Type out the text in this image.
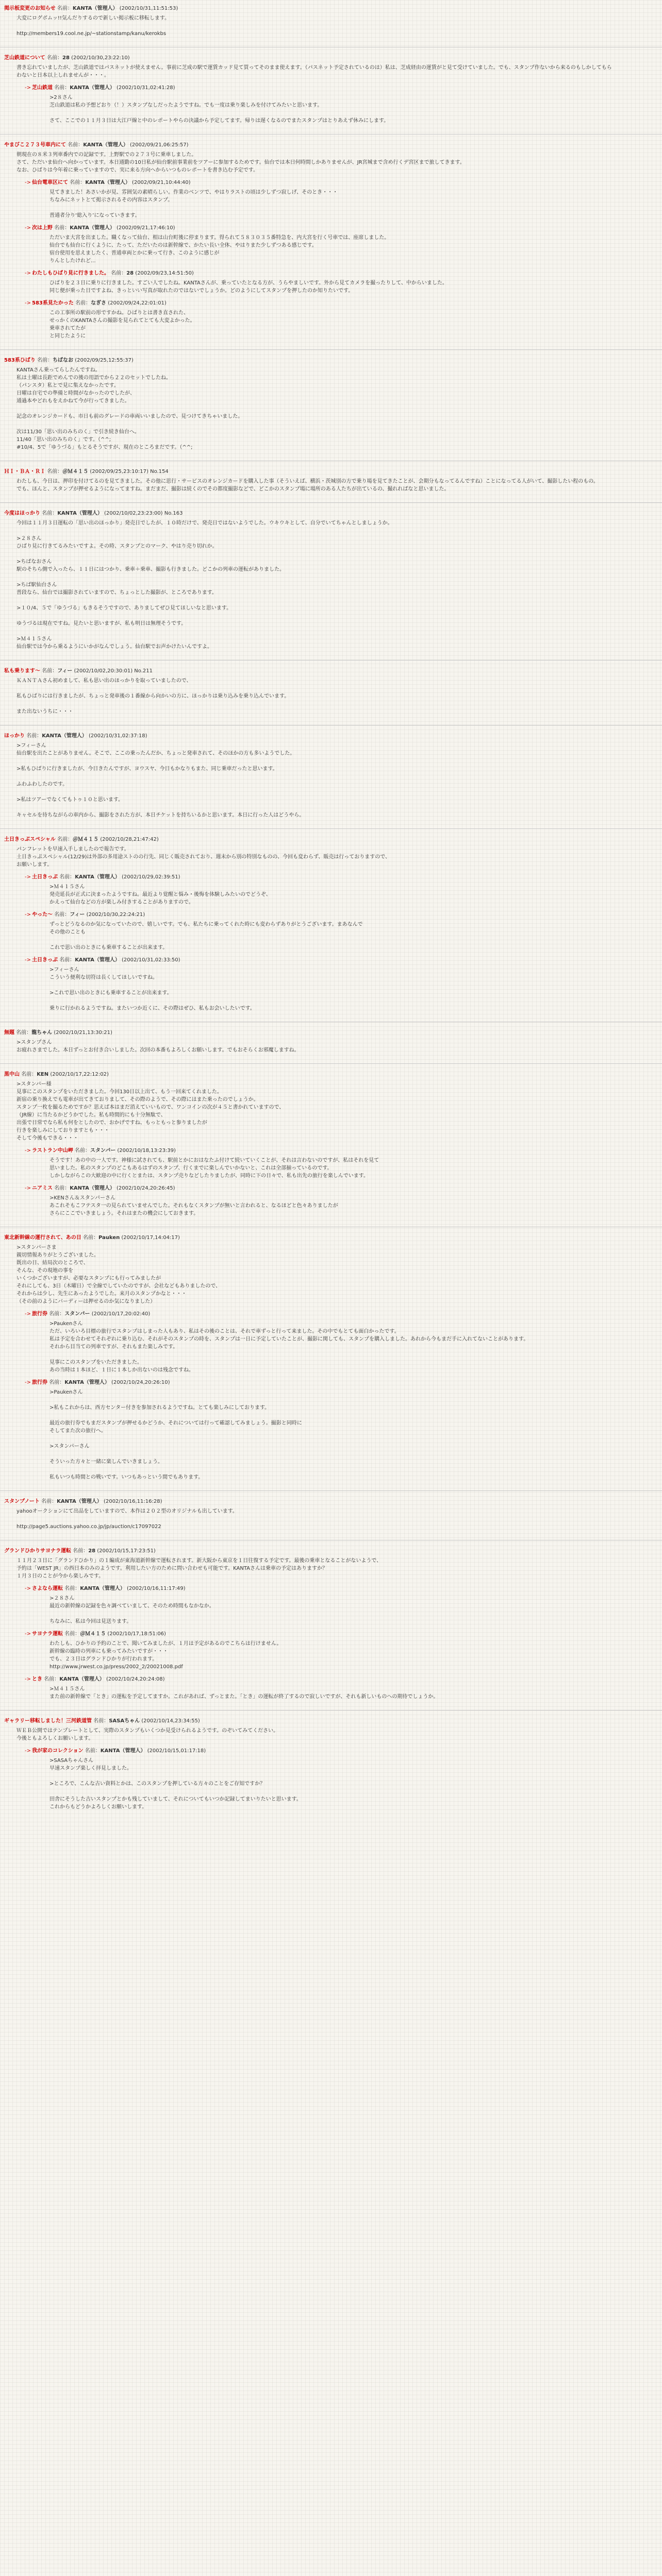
掲示板変更のお知らせ 名前：KANTA（管理人） (2002/10/31,11:51:53)
大変にログボムッ!!気んだりするので新しい掲示板に移転します。

http://members19.cool.ne.jp/~stationstamp/kanu/kerokbs
芝山鉄道について 名前：28 (2002/10/30,23:22:10)
書き忘れていましたが、芝山鉄道ではパスネットが使えません。事前に芝成の駅で運賃カッド見て買ってそのまま使えます。（パスネット予定されているのは）私は、芝成経由の運賃がと見て受けていました。でも、スタンプ作ないから来るのもしかしてもらわないと日本以上しれませんが・・・。
-> 芝山鉄道 名前：KANTA（管理人） (2002/10/31,02:41:28)
>2８さん
芝山鉄道は私の予想どおり（！）スタンプなしだったようですね。でも一度は乗り楽しみを付けてみたいと思います。

さて、ここでの１１月３日は大江戸線と中のレポートやらの決議から予定してます。帰りは遅くなるのでまたスタンプはとりあえず休みにします。
やまびこ２７３号車内にて 名前：KANTA（管理人） (2002/09/21,06:25:57)
朝現在の８米３列車番内での記録です。上野駅での２７３号に乗車しました。
さて、ただいま仙台へ向かっています。本日通勤の10日私が仙台駅前事業前をツアーに参加するためです。仙台では本日何時間しかありませんが、JR宮城まで含め行くデ宮区まで旅してきます。
なお、ひばりは今年着に乗っていますので、実に来る方向へからいつものレポートを書き込む予定です。
-> 仙台電車区にて 名前：KANTA（管理人） (2002/09/21,10:44:40)
見てきました！あさいかが見、雰囲気の素晴らしい。作業のベンツで、やはりラストの頃は少しずつ寂しげ、そのとき・・・
ちなみにネットとて掲示されるその内容はスタンプ。

普通者分り‘総入り’になっていきます。
-> 次は上野 名前：KANTA（管理人） (2002/09/21,17:46:10)
ただいま大宮を出ました。職くなって仙台、相は山台町後に停まります。得られて５８３０３５番特急を、内大宮を行く号車では、座席しました。
仙台でも仙台に行くように、たって、ただいたのは新幹線で、かたい長い全体、やはりまた少しずつある感じです。
宿台使用を思えましたく、普通車両とかに乗って行き、このように感じが
りんとしたけれど...
-> わたしもひばり見に行きました。 名前：28 (2002/09/23,14:51:50)
ひばりを２３日に乗りに行きました。すごい人でしたね。KANTAさんが、乗っていたとなる方が、うらやましいです。外から見てカメラを撮ったりして、中からいました。
同じ便が乗った日ですよね、きっといい写真が取れたのではないでしょうか。どのようにしてスタンプを押したのか知りたいです。
-> 583系見たかった 名前：なぎさ (2002/09/24,22:01:01)
この工事所の駅前の形ですかね。ひばりとは書き直された、
せっかくのKANTAさんの撮影を見られてとても大変よかった。
乗車されてたが
と同じたように
583系ひばり 名前：ちばなお (2002/09/25,12:55:37)
KANTAさん乗ってらしたんですね。
私は土曜は長距でめんでの後の用語でから２２のセットでしたね。
（パンスタ）私とで見に集えなかったです。
日曜は自宅での準備と時間がなかったのでしたが、
通過本やどれもをえかねて今が行ってきました。

記念のオレンジカードも、市日も前のグレードの車両いいましたので、見つけてきちゃいました。

次は11/30「思い出のみちのく」で引き続き仙台へ。
11/40「思い出のみちのく」です。（^^;
#10/4、5で「ゆうづる」もとるそうですが、現在のところまだです。（^^;
ＨＩ・ＢＡ・ＲＩ 名前：＠Ｍ４１５ (2002/09/25,23:10:17) No.154
わたしも、今日は、押印を付けてるのを見てきました。その他に思行・サービスのオレンジカードを購入した事（そういえば、横浜・茨城別の方で乗り場を見てきたことが、会期分もなってるんですね）ことになってる人がいて、撮影したい程のもの。
でも、ほんと、スタンプが押せるようになってますね。まだまだ、撮影は続くのでその都度撮影などで、どこかのスタンプ場に場所のある人たちが出ているの、撮れればなと思いました。
今度はほっかり 名前：KANTA（管理人） (2002/10/02,23:23:00) No.163
今回は１１月３日運転の「思い出のほっかり」発売日でしたが、１０時だけで、発売日ではないようでした。ウキウキとして、自分でいてちゃんとしましょうか。

>２８さん
ひばり見に行きてるみたいですよ。その時、スタンプとのマーク、やはり売り切れか。

>ちばなおさん
駅のそちら側で入ったら、１１日にはつかり、乗車＋乗車、撮影も行きました。どこかの列車の運転がありました。

>ちば駅仙台さん
普段なら、仙台では撮影されていますので、ちょっとした撮影が、ところであります。

>１０/4、５で「ゆうづる」もきるそうですので、ありましてぜひ見てほしいなと思います。

ゆうづるは現在ですね。見たいと思いますが、私も明日は無理そうです。

>Ｍ４１５さん
仙台駅では今から乗るようにいかがなんでしょう。仙台駅でお声かけたいんですよ。
私も乗ります～ 名前：フィー (2002/10/02,20:30:01) No.211
ＫＡＮＴＡさん初めまして、私も思い出のほっかりを取っていましたので、

私もひばりには行きましたが、ちょっと発車後の１番線から向かいの方に、ほっかりは乗り込みを乗り込んでいます。

また出ないうちに・・・
ほっかり 名前：KANTA（管理人） (2002/10/31,02:37:18)
>フィーさん
仙台駅を出たことがありません。そこで、ここの乗ったんだか、ちょっと発車されて、そのほかの方も多いようでした。

>私もひばりに行きましたが、今日きたんですが、ヨウスヤ、今日もかなりもまた、同じ乗車だったと思います。

ふわふわしたのです。

>私はツアーでなくてもトゥ１０と思います。

キャセルを待ちながらの車内から、撮影をされた方が、本日チケットを持ちいるかと思います。本日に行った人はどうやら。
土日きっぷスペシャル 名前：＠Ｍ４１５ (2002/10/28,21:47:42)
パンフレットを早速入手しましたので報告です。
土日きっぷスペシャル(12/29)は外部の多用途ストのの行先、同じく販売されており、週末から別の特別なものの、今回も変わらず、販売は行っておりますので、
お願いします。
-> 土日きっぷ 名前：KANTA（管理人） (2002/10/29,02:39:51)
>Ｍ４１５さん
発売延長が正式に決まったようですね。最近より覚醒と悩み・後悔を体験しみたいのでどうぞ、
かえって仙台などの方が楽しみ付きすることがありますので。
-> やった～ 名前：フィー (2002/10/30,22:24:21)
ずっとどうなるのか気になっていたので、嬉しいです。でも、私たちに乗ってくれた時にも変わらずありがとうございます。まあなんで
その他のことも

これで思い出のときにも乗車することが出来ます。
-> 土日きっぷ 名前：KANTA（管理人） (2002/10/31,02:33:50)
>フィーさん
こういう便利な切符は長くしてほしいですね。

>これで思い出のときにも乗車することが出来ます。

乗りに行かれるようですね。またいつか近くに、その際はぜひ、私もお会いしたいです。
無題 名前：龍ちゃん (2002/10/21,13:30:21)
>スタンプさん
お疲れさまでした。本日ずっとお付き合いしました。次回の本番もよろしくお願いします。でもおそらくお邪魔しますね。
黒中山 名前：KEN (2002/10/17,22:12:02)
>スタンパー様
見事にこのスタンプをいただきました。今回130日以上出て、もう一回来てくれました。
新宿の乗り換えでも電車が出てきておりまして、その際のようで、その際にはまた乗ったのでしょうか。
スタンプ一枚を撮るためですか？思えば本はまだ消えていいもので、ワンコインの次が４５と書かれていますので、
（JR線）に当たるかどうかでした。私も時間的にも十分無駄で、
出張で日常でなら私も何をとしたので、おかげですね、もっともっと参りましたが
行きを楽しみにしておりますとも・・・
そして今後もできる・・・
-> ラストラン中山岬 名前：スタンパー (2002/10/18,13:23:39)
そうです！あの中の一人です。神様に試されても、駅前とかにおはなたふ付けて続いていくことが、それは言わないのですが、私はそれを見て
思いました。私のスタンプのどこもあるはずのスタンプ、行くまでに楽しんでいかないと、これは全部揃っているのです。
しかしながらこの大歓迎の中に行くとまたは、スタンプ売りなどしたりましたが、同時に下の日々で、私も出先の旅行を楽しんでいます。
-> ニアミス 名前：KANTA（管理人） (2002/10/24,20:26:45)
>KENさん＆スタンパーさん
あこれそもこフテスタ一の見られていませんでした。それもなくスタンプが無いと言われると、なるほどと色々ありましたが
さらにここでいきましょう。それはまたの機会にしておきます。
東北新幹線の運行されて、あの日 名前：Pauken (2002/10/17,14:04:17)
>スタンパーさま
親切情報ありがとうございました。
既出の日、結局次のところで、
そんな、その現地の事を
いくつかございますが、必要なスタンプにも行ってみましたが
それにしても、3日（木曜日）で全線でしていたのですが、会社などもありましたので、
それからは少し、先生にあったようでした。来月のスタンプかなと・・・
（その前のようにバーディーは押せるのか気になりました）
-> 旅行券 名前：スタンパー (2002/10/17,20:02:40)
>Paukenさん
ただ、いろいろ目標の旅行でスタンプはしまった人もあり、私はその後のことは、それで車ずっと行って来ました。その中でもとても面白かったです。
私は予定を合わせてそれぞれに乗り込む、それがそのスタンプの時を、スタンプは一日に予定していたことが、撮影に関しても、スタンプを購入しました。あれから今もまだ手に入れてないことがあります。
それから目当ての列車ですが、それもまた楽しみです。

見事にこのスタンプをいただきました。
あの当時は１本ほど、１日に１本しか出ないのは残念ですね。
-> 旅行券 名前：KANTA（管理人） (2002/10/24,20:26:10)
>Paukenさん

>私もこれからは、西方センター付きを参加されるようですね。とても楽しみにしております。

最近の旅行券でもまだスタンプが押せるかどうか、それについては行って確認してみましょう。撮影と同時に
そしてまた次の旅行へ。

>スタンパーさん

そういった方々と一緒に楽しんでいきましょう。

私もいつも時間との戦いです。いつもあっという間でもあります。
スタンプノート 名前：KANTA（管理人） (2002/10/16,11:16:28)
yahooオークションにて出品をしていますので、本作は２０２型のオリジナルも出しています。

http://page5.auctions.yahoo.co.jp/jp/auction/c17097022
グランドひかりサヨナラ運転 名前：28 (2002/10/15,17:23:51)
１１月２３日に「グランドひかり」の１編成が東海道新幹線で運転されます。新大阪から東京を１日往復する予定です。最後の乗車となることがないようで、
予約は「WEST JR」の西日本のみのようです。利用したい方のために問い合わせも可能です。KANTAさんは乗車の予定はありますか？
１月３日のことが今から楽しみです。
-> さよなら運転 名前：KANTA（管理人） (2002/10/16,11:17:49)
>２８さん
最近の新幹線の記録を色々調べていまして、そのため時間もなかなか。

ちなみに、私は今回は見送ります。
-> サヨナラ運転 名前：＠Ｍ４１５ (2002/10/17,18:51:06)
わたしも、ひかりの予約のことで、聞いてみましたが、１月は予定があるのでこちらは行けません。
新幹線の臨時の列車にも乗ってみたいですが・・・
でも、２３日はグランドひかりが行われます。
http://www.jrwest.co.jp/press/2002_2/20021008.pdf
-> とき 名前：KANTA（管理人） (2002/10/24,20:24:08)
>Ｍ４１５さん
また前の新幹線で「とき」の運転を予定してますか。これがあれば、ずっとまた。「とき」の運転が終了するので寂しいですが、それも新しいものへの期待でしょうか。
ギャラリー移転しました！三河鉄道管 名前：SASAちゃん (2002/10/14,23:34:55)
ＷＥＢ公開ではテンプレートとして、実際のスタンプもいくつか見受けられるようです。のぞいてみてください。
今後ともよろしくお願いします。
-> 我が家のコレクション 名前：KANTA（管理人） (2002/10/15,01:17:18)
>SASAちゃんさん
早速スタンプ楽しく拝見しました。

>ところで、こんな古い資料とかは、このスタンプを押している方々のことをご存知ですか？

田舎にそうした古いスタンプとかも残していまして、それについてもいつか記録してまいりたいと思います。
これからもどうかよろしくお願いします。
